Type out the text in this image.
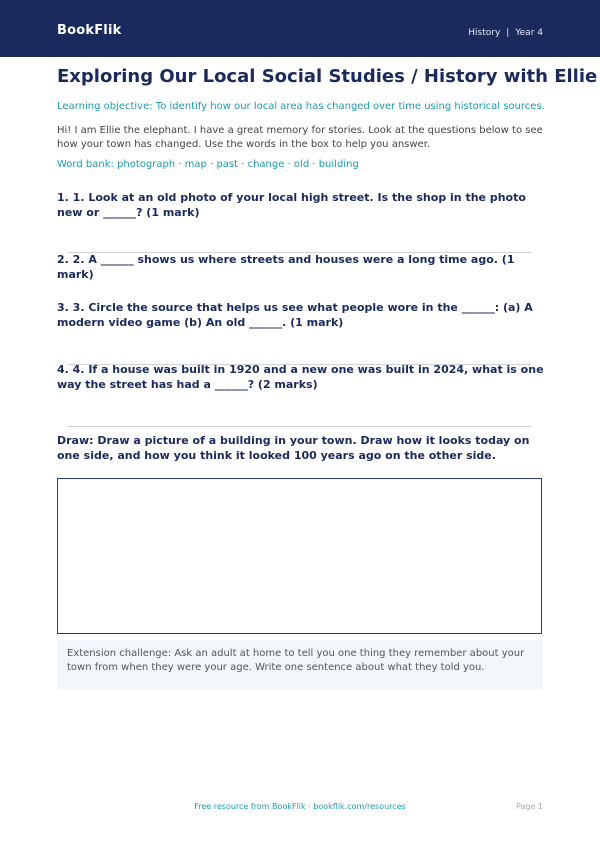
BookFlik	History | Year 4
Exploring Our Local Social Studies / History with Ellie
Learning objective: To identify how our local area has changed over time using historical sources.
Hi! I am Ellie the elephant. I have a great memory for stories. Look at the questions below to see how your town has changed. Use the words in the box to help you answer.
Word bank: photograph · map · past · change · old · building
1. 1. Look at an old photo of your local high street. Is the shop in the photo new or ______? (1 mark)
2. 2. A ______ shows us where streets and houses were a long time ago. (1 mark)
3. 3. Circle the source that helps us see what people wore in the ______: (a) A modern video game (b) An old ______. (1 mark)
4. 4. If a house was built in 1920 and a new one was built in 2024, what is one way the street has had a ______? (2 marks)
Draw: Draw a picture of a building in your town. Draw how it looks today on one side, and how you think it looked 100 years ago on the other side.
Extension challenge: Ask an adult at home to tell you one thing they remember about your town from when they were your age. Write one sentence about what they told you.
Free resource from BookFlik · bookflik.com/resources	Page 1
